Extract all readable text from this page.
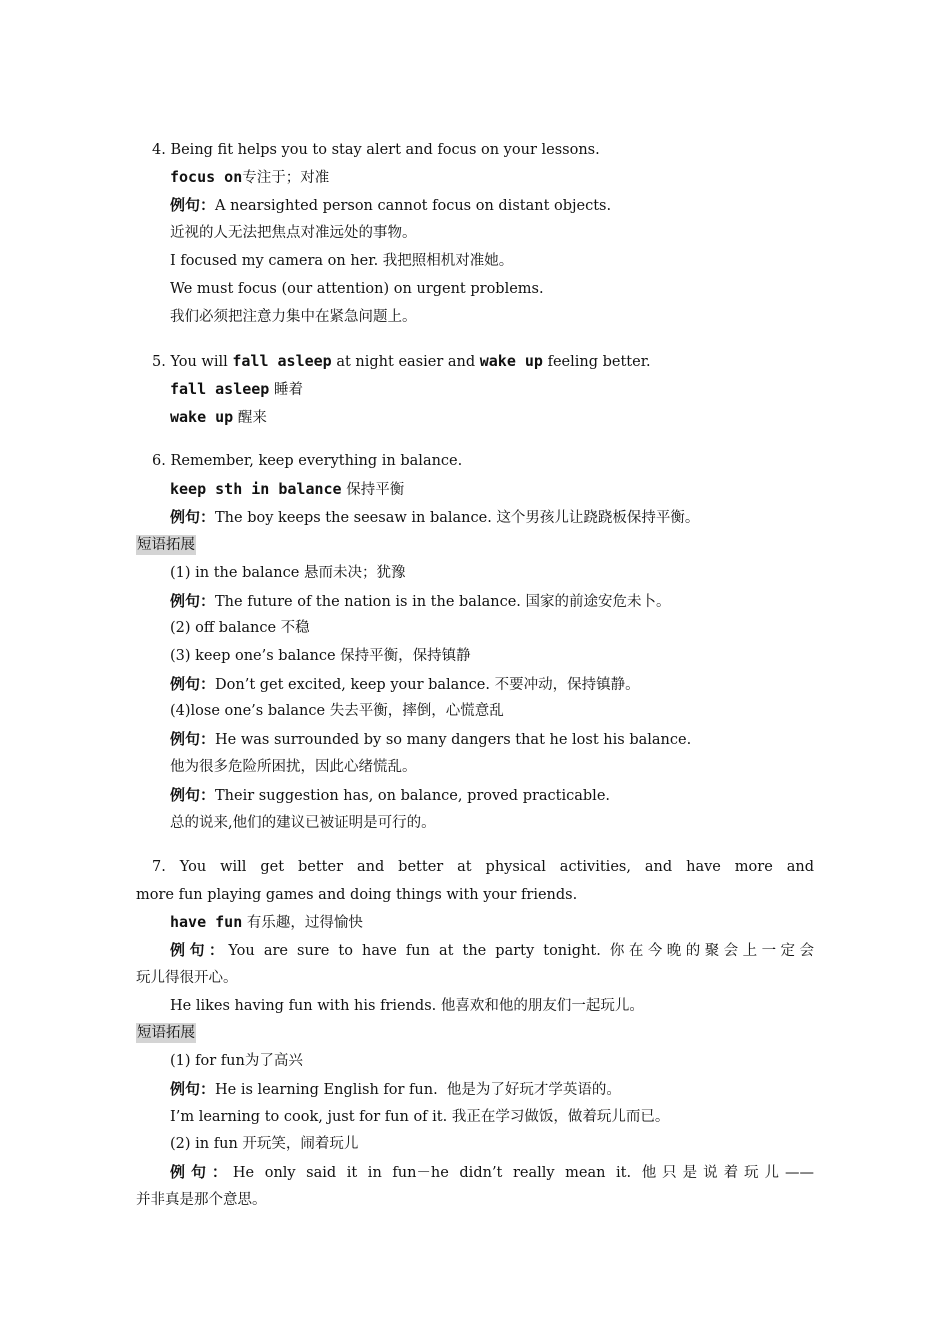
4. Being fit helps you to stay alert and focus on your lessons.
focus on专注于；对准
例句：A nearsighted person cannot focus on distant objects.
近视的人无法把焦点对准远处的事物。
I focused my camera on her. 我把照相机对准她。
We must focus (our attention) on urgent problems.
我们必须把注意力集中在紧急问题上。
5. You will fall asleep at night easier and wake up feeling better.
fall asleep 睡着
wake up 醒来
6. Remember, keep everything in balance.
keep sth in balance 保持平衡
例句：The boy keeps the seesaw in balance. 这个男孩儿让跷跷板保持平衡。
短语拓展
(1) in the balance 悬而未决；犹豫
例句：The future of the nation is in the balance. 国家的前途安危未卜。
(2) off balance 不稳
(3) keep one’s balance 保持平衡，保持镇静
例句：Don’t get excited, keep your balance. 不要冲动，保持镇静。
(4)lose one’s balance 失去平衡，摔倒，心慌意乱
例句：He was surrounded by so many dangers that he lost his balance.
他为很多危险所困扰，因此心绪慌乱。
例句：Their suggestion has, on balance, proved practicable.
总的说来,他们的建议已被证明是可行的。
7. You will get better and better at physical activities, and have more and
more fun playing games and doing things with your friends.
have fun 有乐趣，过得愉快
例句：You are sure to have fun at the party tonight. 你在今晚的聚会上一定会
玩儿得很开心。
He likes having fun with his friends. 他喜欢和他的朋友们一起玩儿。
短语拓展
(1) for fun为了高兴
例句：He is learning English for fun.  他是为了好玩才学英语的。
I’m learning to cook, just for fun of it. 我正在学习做饭，做着玩儿而已。
(2) in fun 开玩笑，闹着玩儿
例句：He only said it in fun－he didn’t really mean it. 他只是说着玩儿——
并非真是那个意思。
